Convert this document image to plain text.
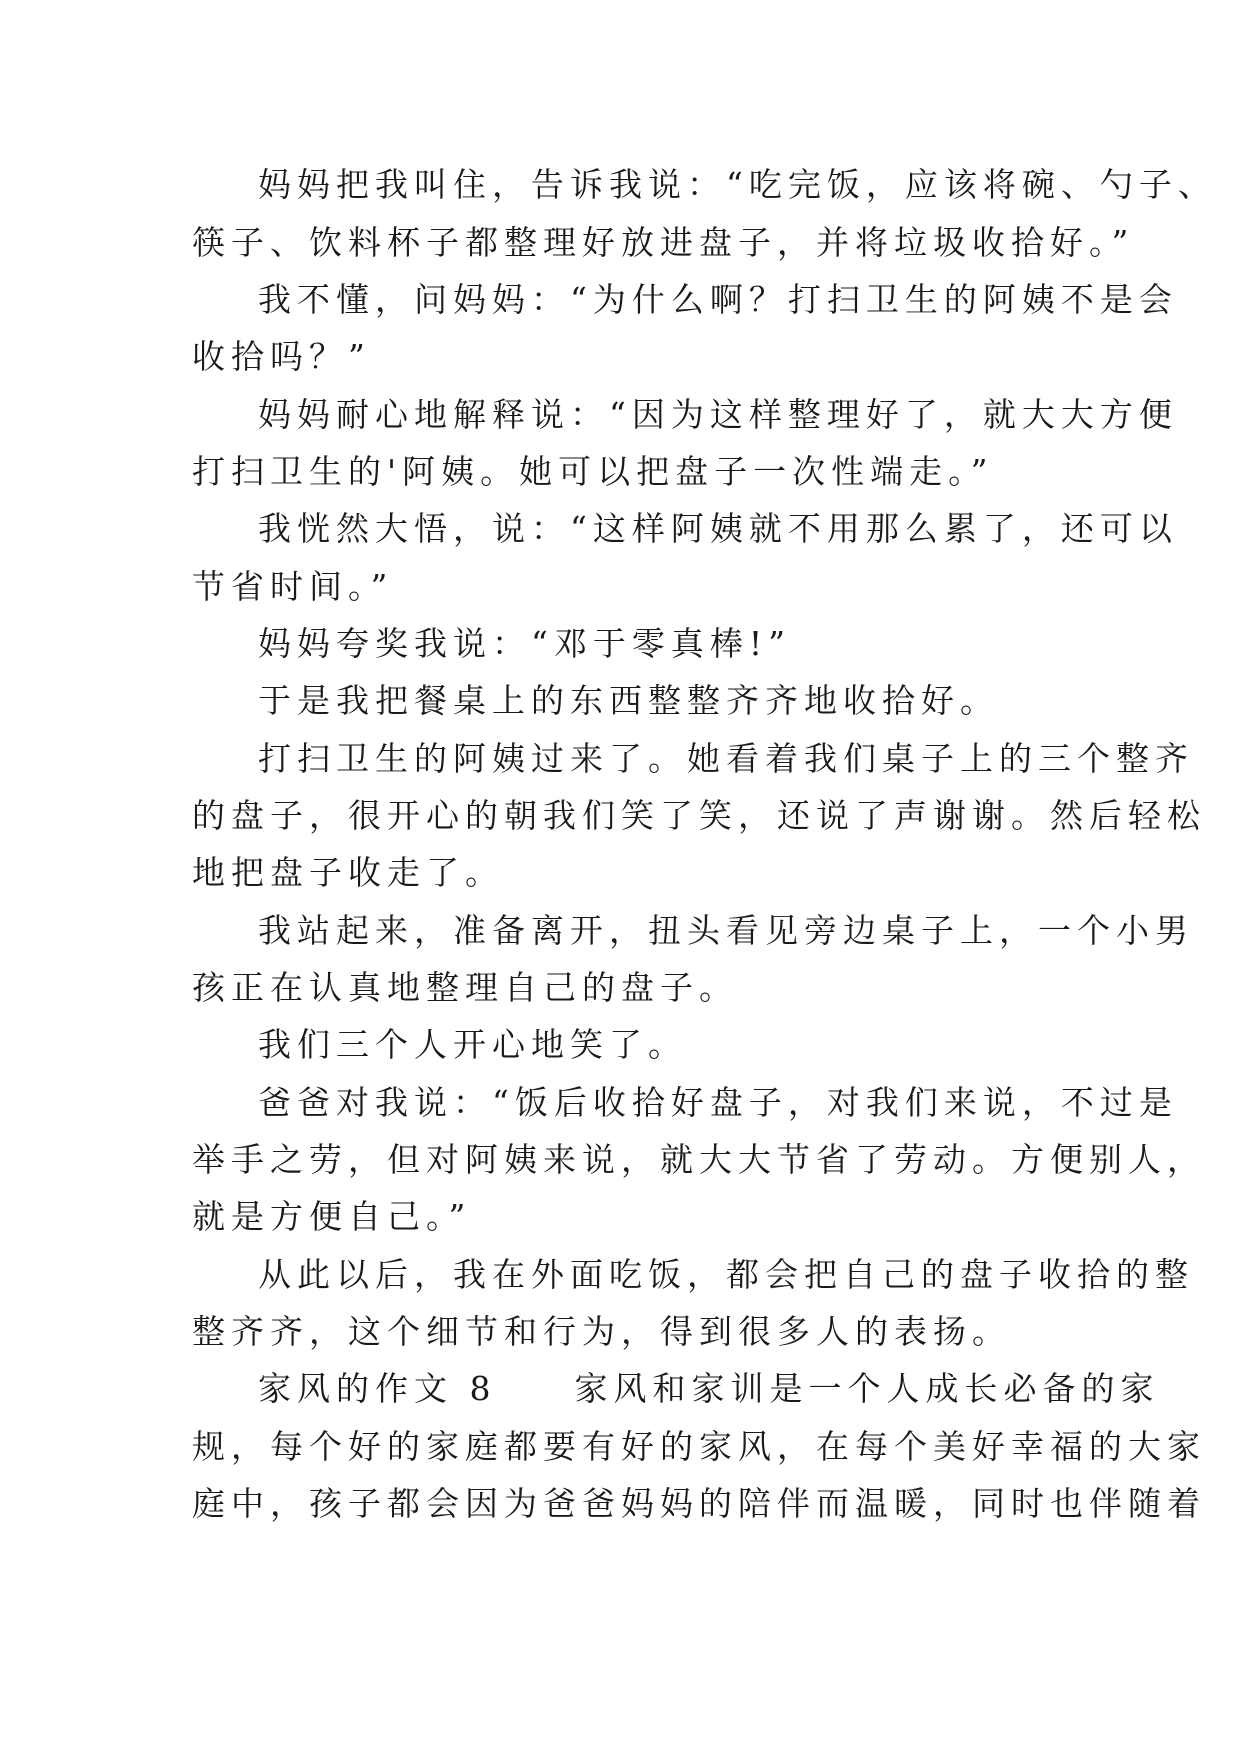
妈妈把我叫住，告诉我说：“吃完饭，应该将碗、勺子、
筷子、饮料杯子都整理好放进盘子，并将垃圾收拾好。”
我不懂，问妈妈：“为什么啊？打扫卫生的阿姨不是会
收拾吗？”
妈妈耐心地解释说：“因为这样整理好了，就大大方便
打扫卫生的'阿姨。她可以把盘子一次性端走。”
我恍然大悟，说：“这样阿姨就不用那么累了，还可以
节省时间。”
妈妈夸奖我说：“邓于零真棒!”
于是我把餐桌上的东西整整齐齐地收拾好。
打扫卫生的阿姨过来了。她看着我们桌子上的三个整齐
的盘子，很开心的朝我们笑了笑，还说了声谢谢。然后轻松
地把盘子收走了。
我站起来，准备离开，扭头看见旁边桌子上，一个小男
孩正在认真地整理自己的盘子。
我们三个人开心地笑了。
爸爸对我说：“饭后收拾好盘子，对我们来说，不过是
举手之劳，但对阿姨来说，就大大节省了劳动。方便别人，
就是方便自己。”
从此以后，我在外面吃饭，都会把自己的盘子收拾的整
整齐齐，这个细节和行为，得到很多人的表扬。
家风的作文 8　　家风和家训是一个人成长必备的家
规，每个好的家庭都要有好的家风，在每个美好幸福的大家
庭中，孩子都会因为爸爸妈妈的陪伴而温暖，同时也伴随着
